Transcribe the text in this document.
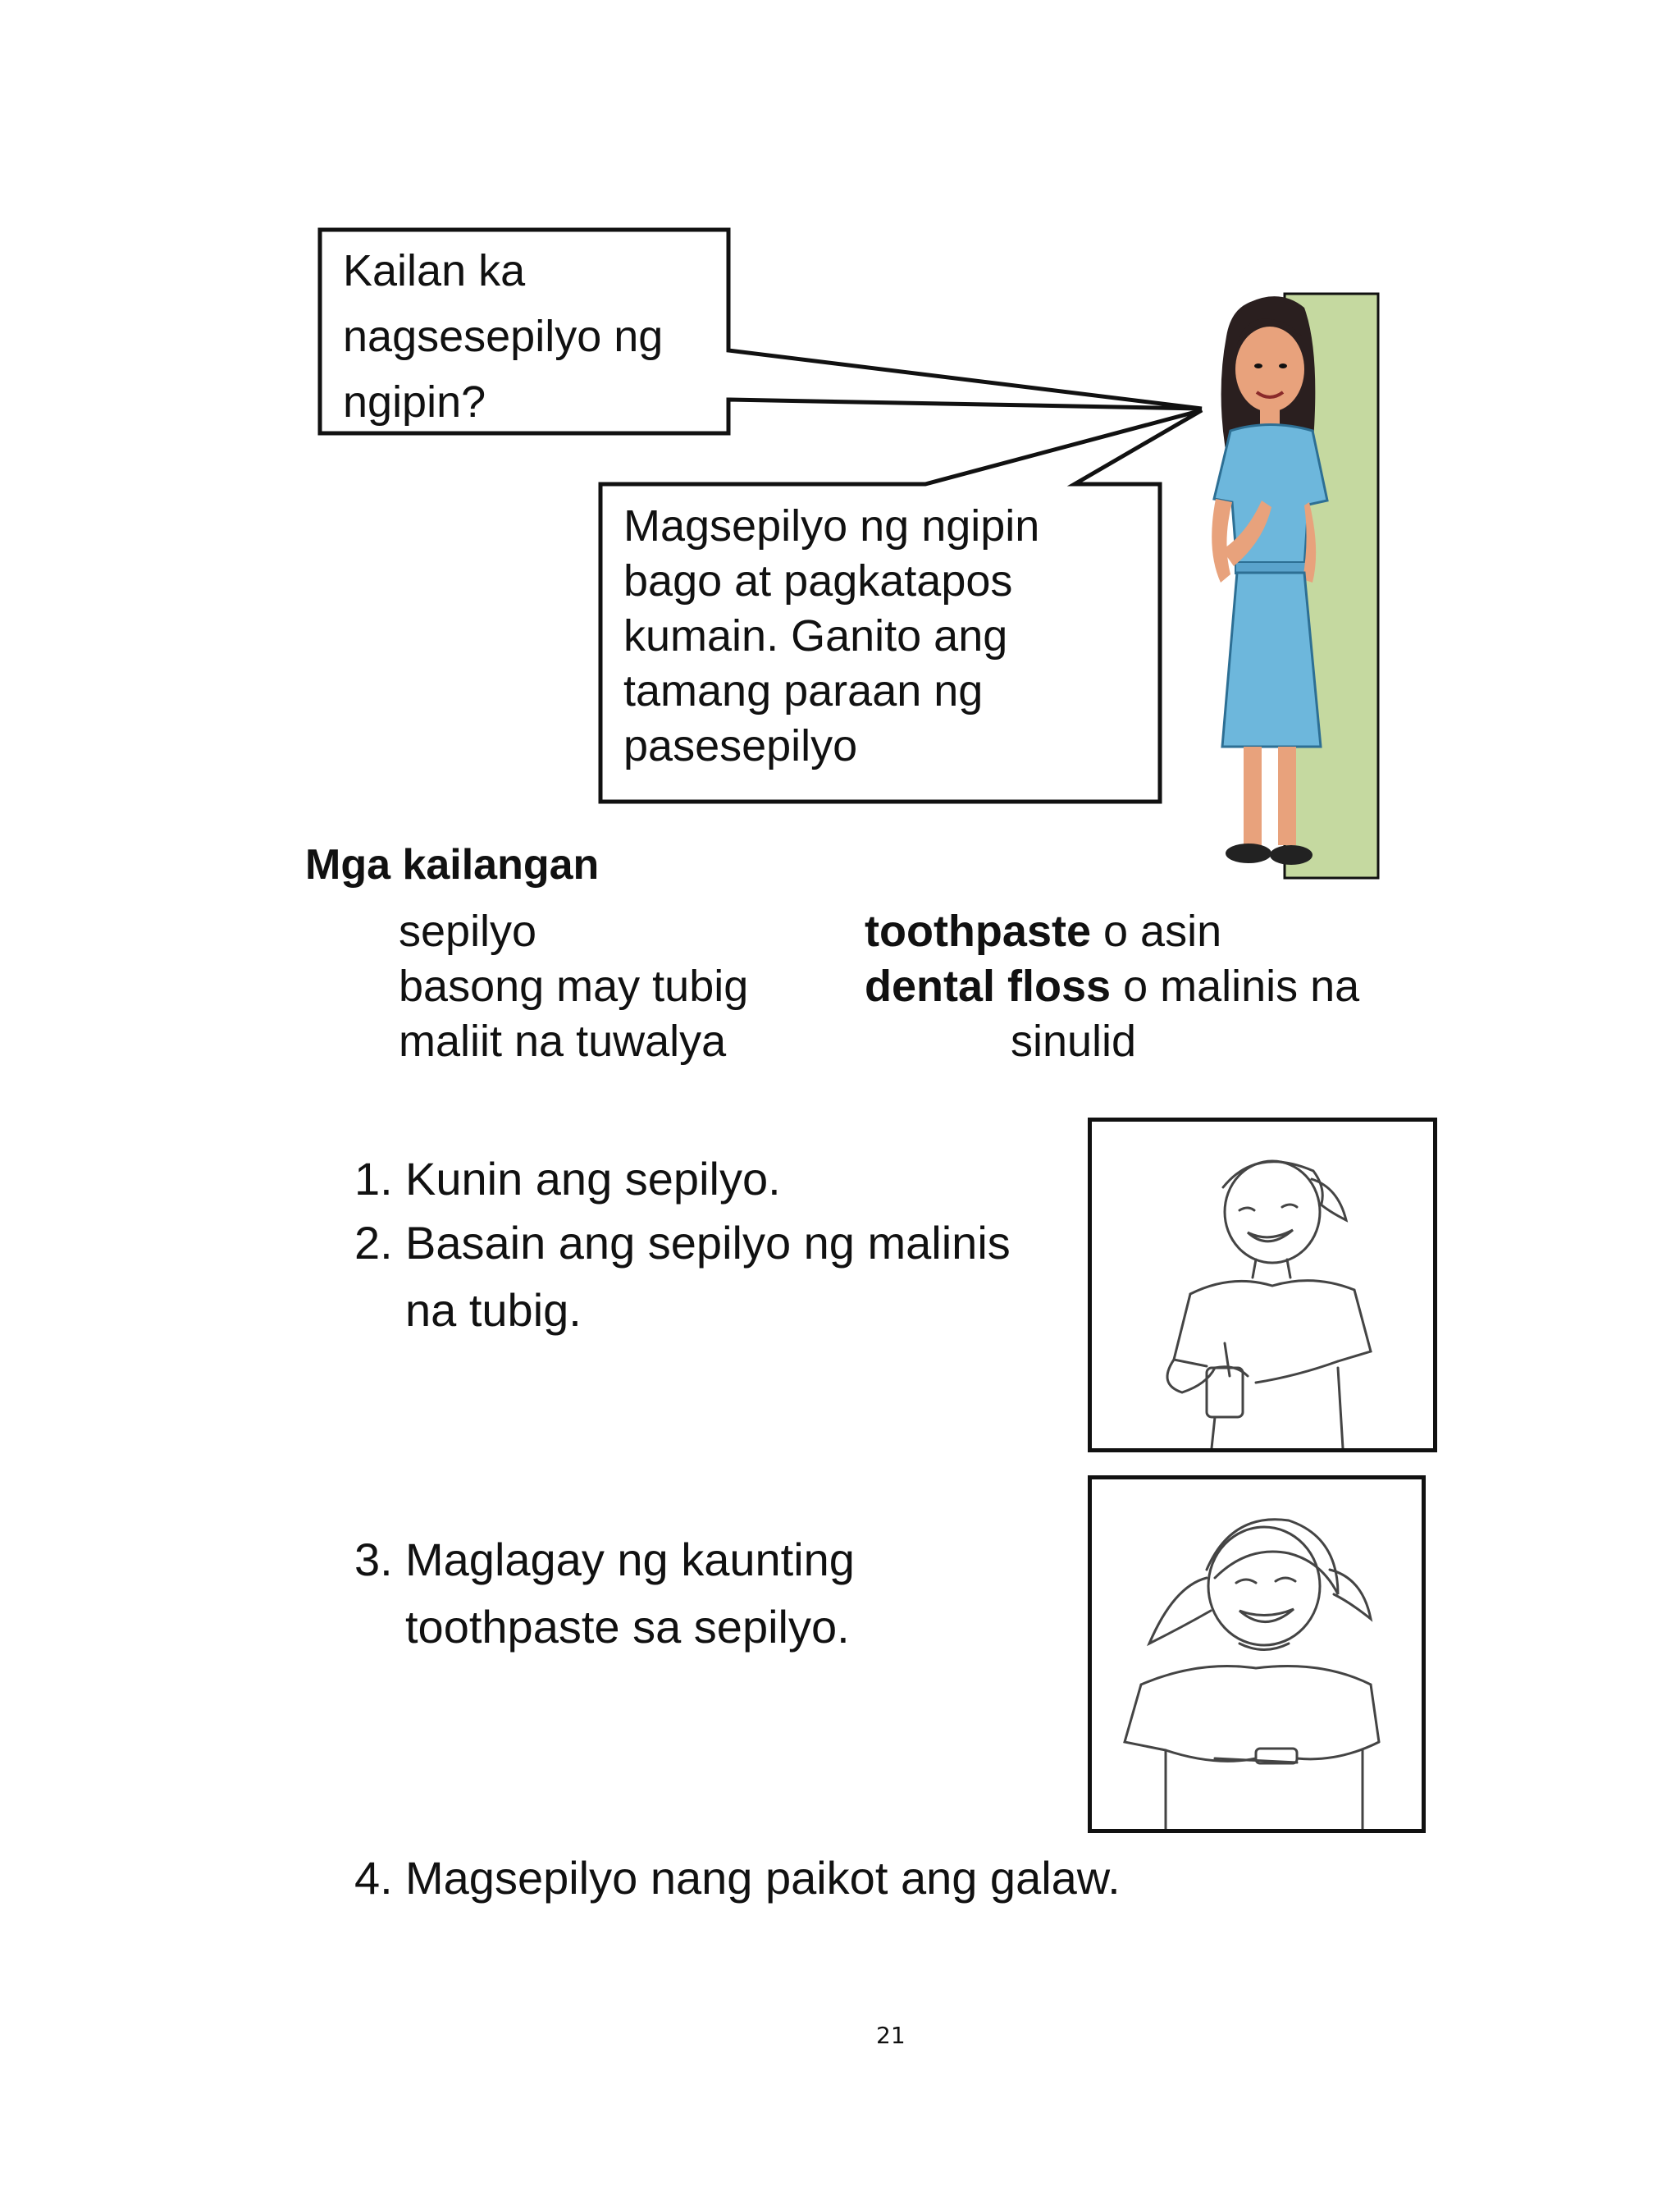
Kailan ka
nagsesepilyo ng
ngipin?
Magsepilyo ng ngipin
bago at pagkatapos
kumain. Ganito ang
tamang paraan ng
pasesepilyo
Mga kailangan
sepilyo
basong may tubig
maliit na tuwalya
toothpaste o asin
dental floss o malinis na
sinulid
1. Kunin ang sepilyo.
2. Basain ang sepilyo ng malinis
na tubig.
3. Maglagay ng kaunting
toothpaste sa sepilyo.
4. Magsepilyo nang paikot ang galaw.
21
